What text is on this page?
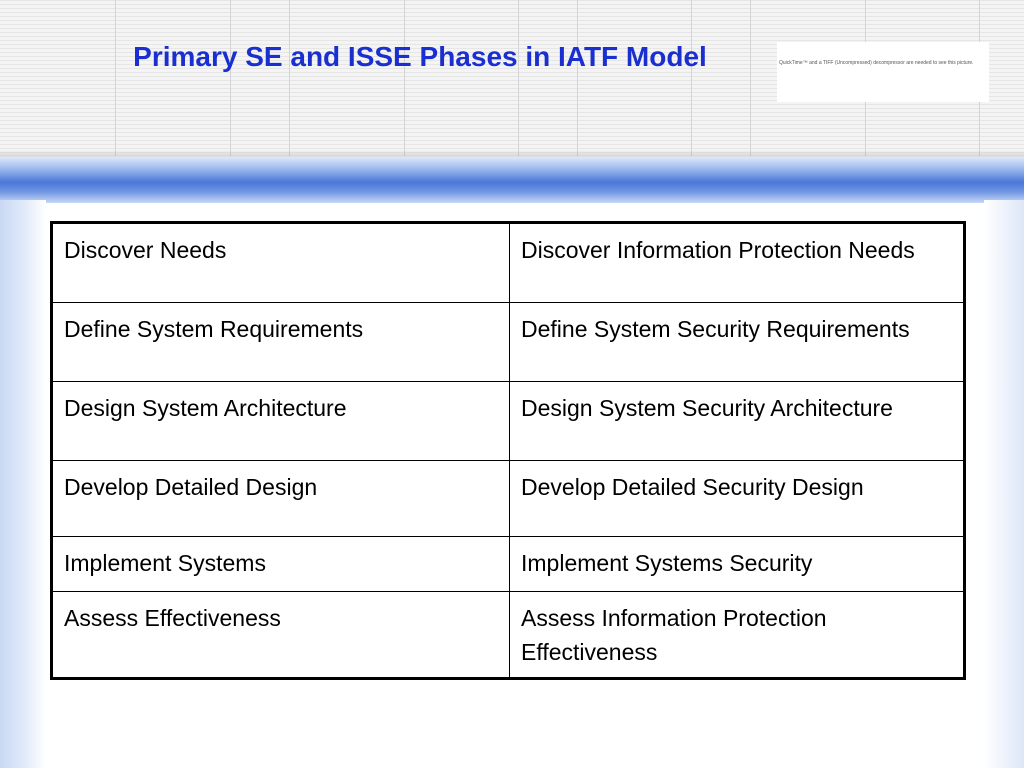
Primary SE and ISSE Phases in IATF Model	QuickTime™ and a TIFF (Uncompressed) decompressor are needed to see this picture.
Discover Needs	Discover Information Protection Needs
Define System Requirements	Define System Security Requirements
Design System Architecture	Design System Security Architecture
Develop Detailed Design	Develop Detailed Security Design
Implement Systems	Implement Systems Security
Assess Effectiveness	Assess Information Protection Effectiveness
